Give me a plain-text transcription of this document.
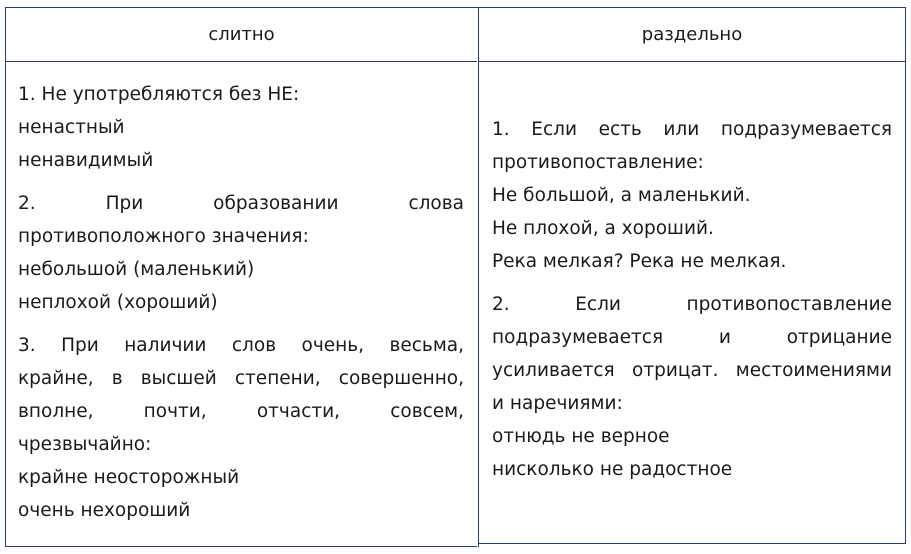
слитно	раздельно
1. Не употребляются без НЕ:
ненастный
ненавидимый
2. При образовании слова
противоположного значения:
небольшой (маленький)
неплохой (хороший)
3. При наличии слов очень, весьма,
крайне, в высшей степени, совершенно,
вполне, почти, отчасти, совсем,
чрезвычайно:
крайне неосторожный
очень нехороший
1. Если есть или подразумевается
противопоставление:
Не большой, а маленький.
Не плохой, а хороший.
Река мелкая? Река не мелкая.
2. Если противопоставление
подразумевается и отрицание
усиливается отрицат. местоимениями
и наречиями:
отнюдь не верное
нисколько не радостное
